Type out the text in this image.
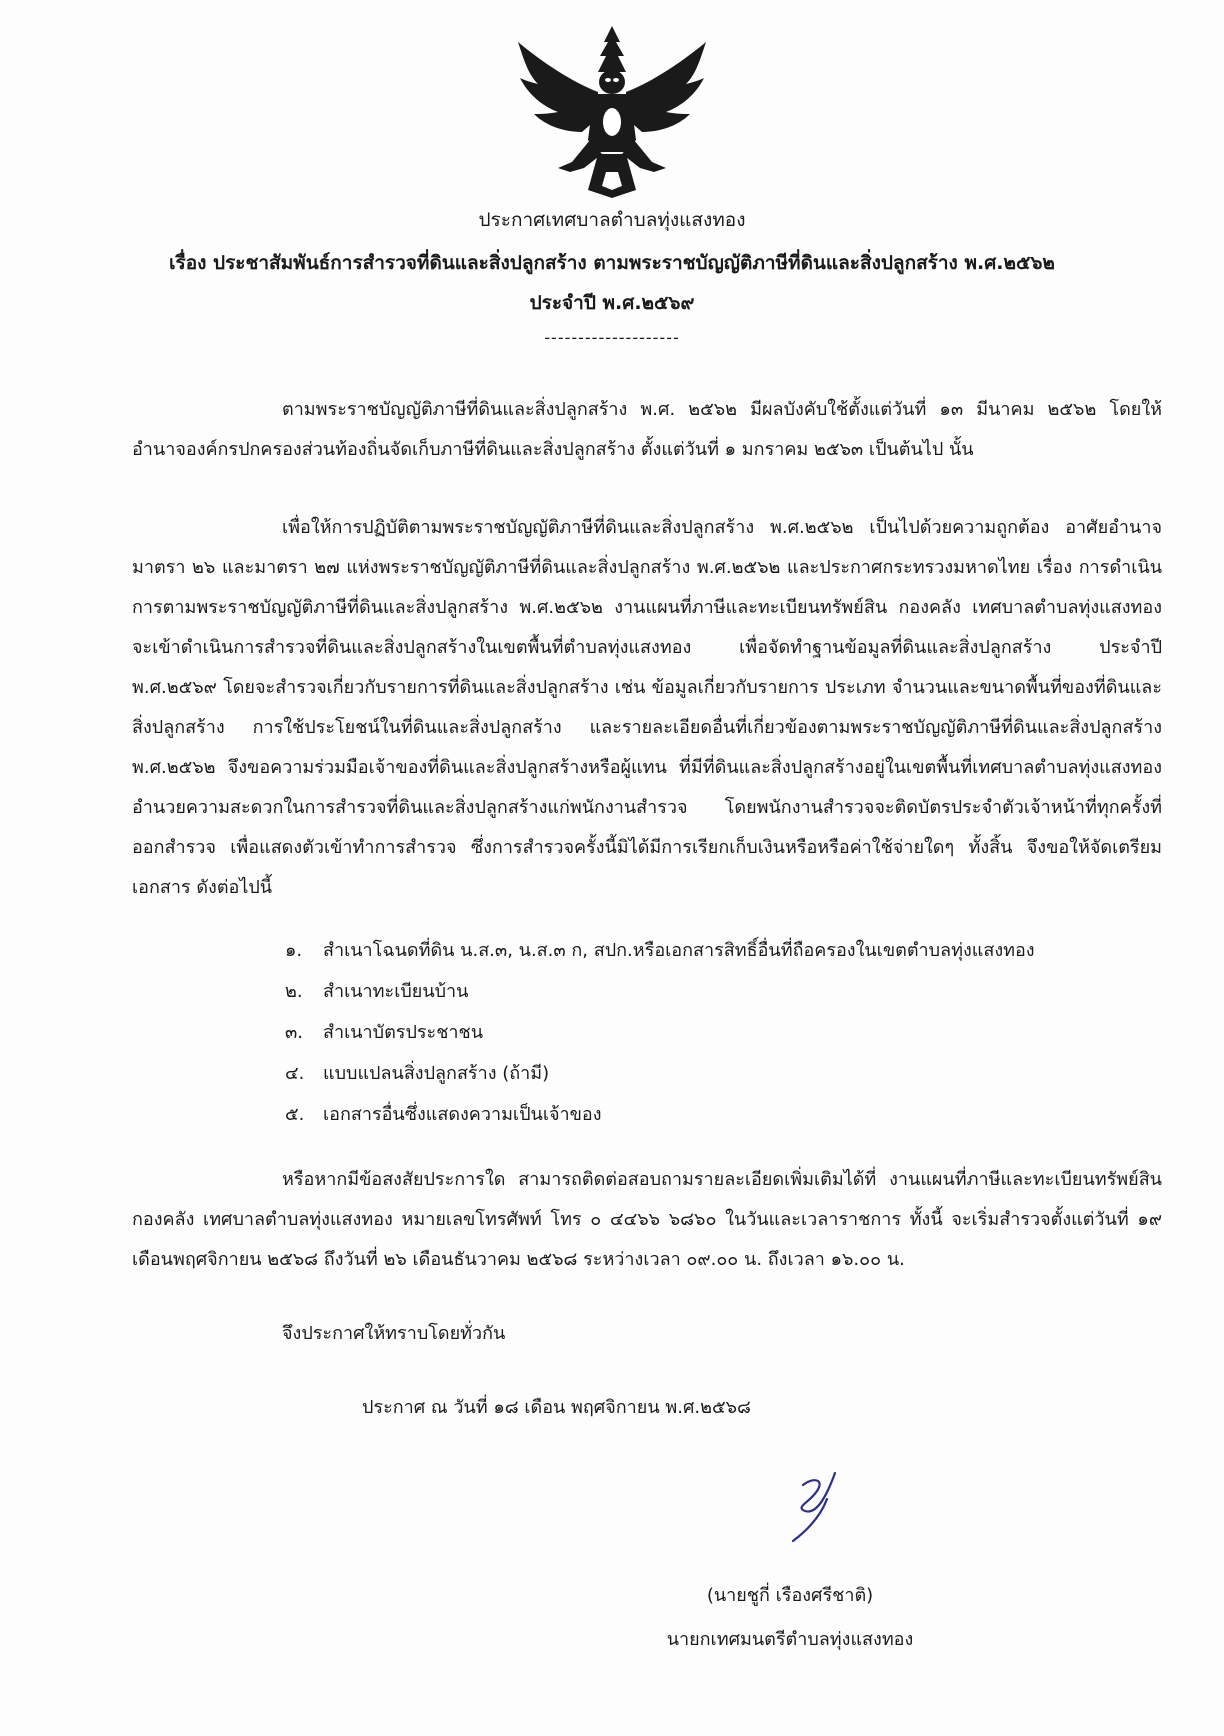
ประกาศเทศบาลตำบลทุ่งแสงทอง
เรื่อง ประชาสัมพันธ์การสำรวจที่ดินและสิ่งปลูกสร้าง ตามพระราชบัญญัติภาษีที่ดินและสิ่งปลูกสร้าง พ.ศ.๒๕๖๒
ประจำปี พ.ศ.๒๕๖๙
--------------------

ตามพระราชบัญญัติภาษีที่ดินและสิ่งปลูกสร้าง พ.ศ. ๒๕๖๒ มีผลบังคับใช้ตั้งแต่วันที่ ๑๓ มีนาคม ๒๕๖๒ โดยให้อำนาจองค์กรปกครองส่วนท้องถิ่นจัดเก็บภาษีที่ดินและสิ่งปลูกสร้าง ตั้งแต่วันที่ ๑ มกราคม ๒๕๖๓ เป็นต้นไป นั้น

เพื่อให้การปฏิบัติตามพระราชบัญญัติภาษีที่ดินและสิ่งปลูกสร้าง พ.ศ.๒๕๖๒ เป็นไปด้วยความถูกต้อง อาศัยอำนาจมาตรา ๒๖ และมาตรา ๒๗ แห่งพระราชบัญญัติภาษีที่ดินและสิ่งปลูกสร้าง พ.ศ.๒๕๖๒ และประกาศกระทรวงมหาดไทย เรื่อง การดำเนินการตามพระราชบัญญัติภาษีที่ดินและสิ่งปลูกสร้าง พ.ศ.๒๕๖๒ งานแผนที่ภาษีและทะเบียนทรัพย์สิน กองคลัง เทศบาลตำบลทุ่งแสงทอง จะเข้าดำเนินการสำรวจที่ดินและสิ่งปลูกสร้างในเขตพื้นที่ตำบลทุ่งแสงทอง เพื่อจัดทำฐานข้อมูลที่ดินและสิ่งปลูกสร้าง ประจำปี พ.ศ.๒๕๖๙ โดยจะสำรวจเกี่ยวกับรายการที่ดินและสิ่งปลูกสร้าง เช่น ข้อมูลเกี่ยวกับรายการ ประเภท จำนวนและขนาดพื้นที่ของที่ดินและสิ่งปลูกสร้าง การใช้ประโยชน์ในที่ดินและสิ่งปลูกสร้าง และรายละเอียดอื่นที่เกี่ยวข้องตามพระราชบัญญัติภาษีที่ดินและสิ่งปลูกสร้าง พ.ศ.๒๕๖๒ จึงขอความร่วมมือเจ้าของที่ดินและสิ่งปลูกสร้างหรือผู้แทน ที่มีที่ดินและสิ่งปลูกสร้างอยู่ในเขตพื้นที่เทศบาลตำบลทุ่งแสงทอง อำนวยความสะดวกในการสำรวจที่ดินและสิ่งปลูกสร้างแก่พนักงานสำรวจ โดยพนักงานสำรวจจะติดบัตรประจำตัวเจ้าหน้าที่ทุกครั้งที่ออกสำรวจ เพื่อแสดงตัวเข้าทำการสำรวจ ซึ่งการสำรวจครั้งนี้มิได้มีการเรียกเก็บเงินหรือหรือค่าใช้จ่ายใดๆ ทั้งสิ้น จึงขอให้จัดเตรียมเอกสาร ดังต่อไปนี้

๑.	สำเนาโฉนดที่ดิน น.ส.๓, น.ส.๓ ก, สปก.หรือเอกสารสิทธิ์อื่นที่ถือครองในเขตตำบลทุ่งแสงทอง
๒.	สำเนาทะเบียนบ้าน
๓.	สำเนาบัตรประชาชน
๔.	แบบแปลนสิ่งปลูกสร้าง (ถ้ามี)
๕.	เอกสารอื่นซึ่งแสดงความเป็นเจ้าของ

หรือหากมีข้อสงสัยประการใด สามารถติดต่อสอบถามรายละเอียดเพิ่มเติมได้ที่ งานแผนที่ภาษีและทะเบียนทรัพย์สิน กองคลัง เทศบาลตำบลทุ่งแสงทอง หมายเลขโทรศัพท์ โทร ๐ ๔๔๖๖ ๖๘๖๐ ในวันและเวลาราชการ ทั้งนี้ จะเริ่มสำรวจตั้งแต่วันที่ ๑๙ เดือนพฤศจิกายน ๒๕๖๘ ถึงวันที่ ๒๖ เดือนธันวาคม ๒๕๖๘ ระหว่างเวลา ๐๙.๐๐ น. ถึงเวลา ๑๖.๐๐ น.

จึงประกาศให้ทราบโดยทั่วกัน
ประกาศ ณ วันที่ ๑๘ เดือน พฤศจิกายน พ.ศ.๒๕๖๘
(นายชูกี่ เรืองศรีชาติ)
นายกเทศมนตรีตำบลทุ่งแสงทอง
